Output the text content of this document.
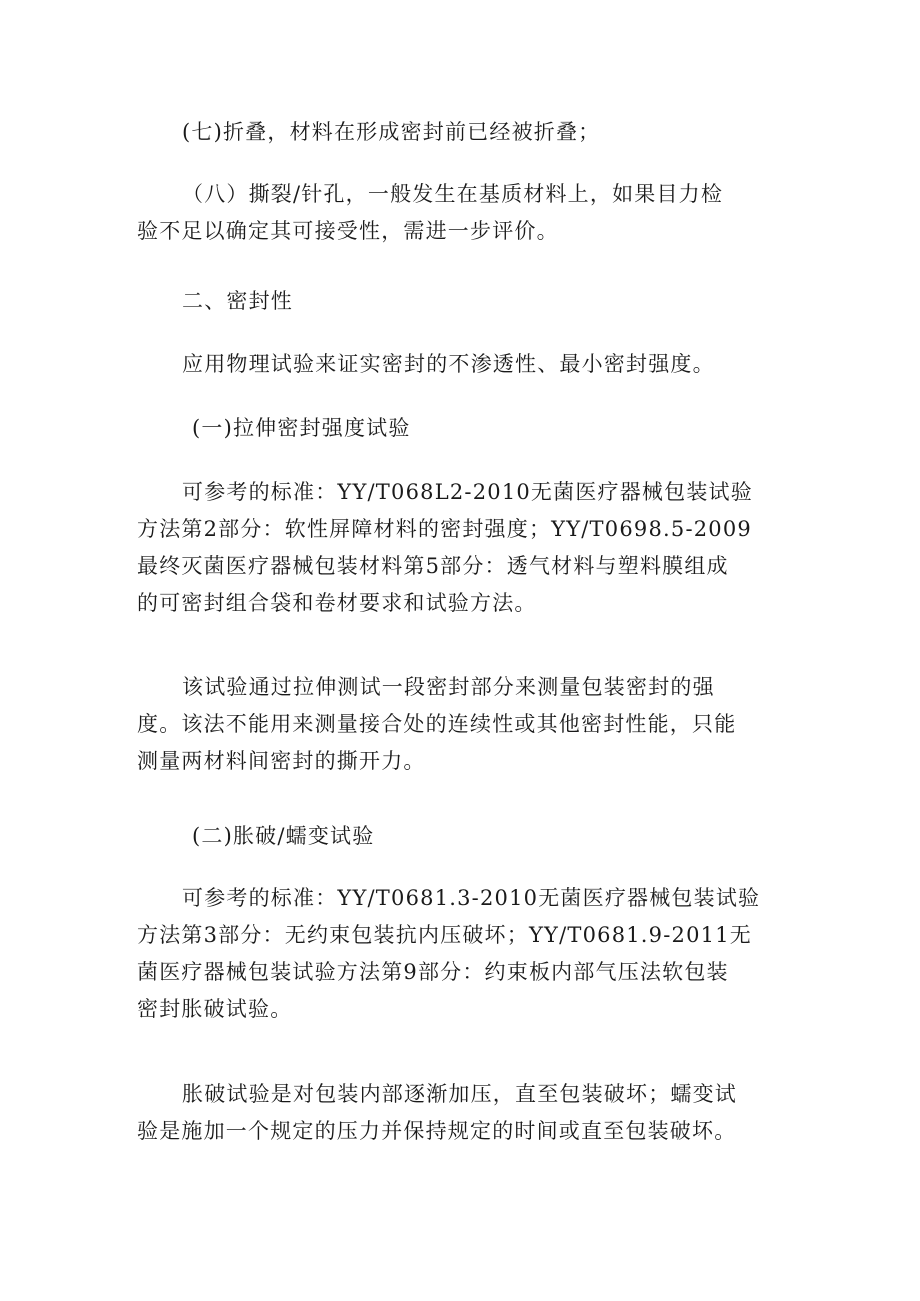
(七)折叠，材料在形成密封前已经被折叠；

（八）撕裂/针孔，一般发生在基质材料上，如果目力检
验不足以确定其可接受性，需进一步评价。

二、密封性

应用物理试验来证实密封的不渗透性、最小密封强度。

(一)拉伸密封强度试验

可参考的标准：YY/T068L2-2010无菌医疗器械包装试验
方法第2部分：软性屏障材料的密封强度；YY/T0698.5-2009
最终灭菌医疗器械包装材料第5部分：透气材料与塑料膜组成
的可密封组合袋和卷材要求和试验方法。

该试验通过拉伸测试一段密封部分来测量包装密封的强
度。该法不能用来测量接合处的连续性或其他密封性能，只能
测量两材料间密封的撕开力。

(二)胀破/蠕变试验

可参考的标准：YY/T0681.3-2010无菌医疗器械包装试验
方法第3部分：无约束包装抗内压破坏；YY/T0681.9-2011无
菌医疗器械包装试验方法第9部分：约束板内部气压法软包装
密封胀破试验。

胀破试验是对包装内部逐渐加压，直至包装破坏；蠕变试
验是施加一个规定的压力并保持规定的时间或直至包装破坏。
